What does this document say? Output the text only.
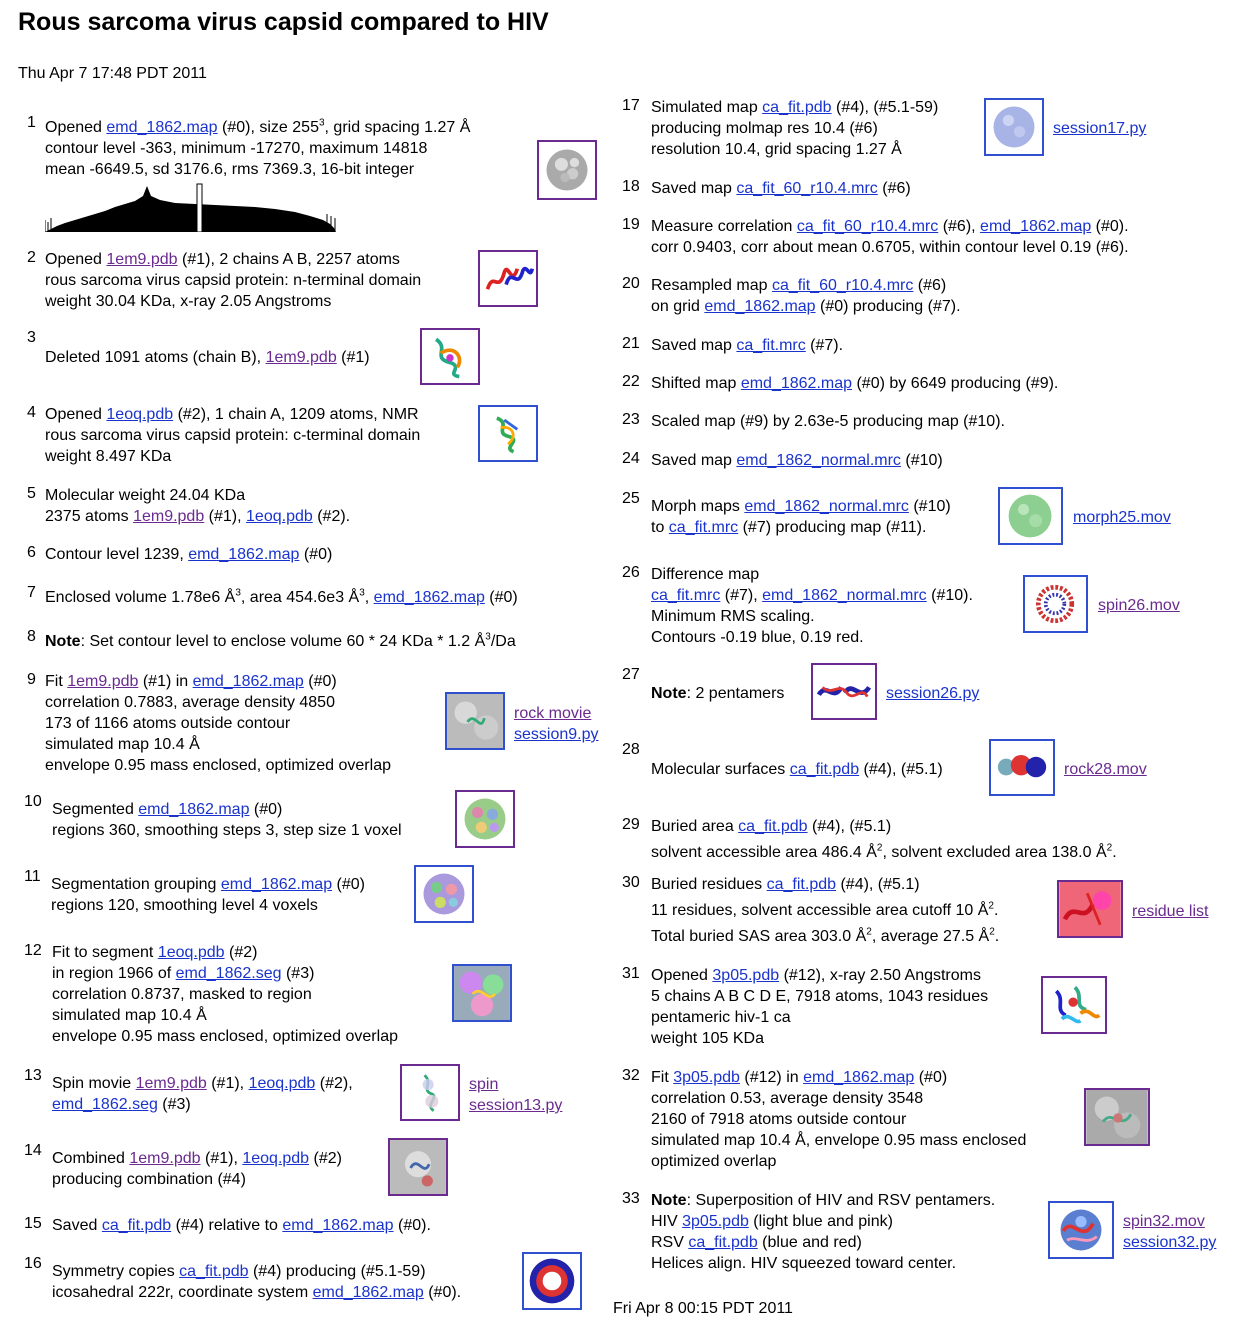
Rous sarcoma virus capsid compared to HIV
Thu Apr 7 17:48 PDT 2011
1 Opened emd_1862.map (#0), size $255^3$, grid spacing 1.27 Å
contour level -363, minimum -17270, maximum 14818
mean -6649.5, sd 3176.6, rms 7369.3, 16-bit integer
2 Opened 1em9.pdb (#1), 2 chains A B, 2257 atoms
rous sarcoma virus capsid protein: n-terminal domain
weight 30.04 KDa, x-ray 2.05 Angstroms
3
Deleted 1091 atoms (chain B), 1em9.pdb (#1)
4 Opened 1eoq.pdb (#2), 1 chain A, 1209 atoms, NMR
rous sarcoma virus capsid protein: c-terminal domain
weight 8.497 KDa
5 Molecular weight 24.04 KDa
2375 atoms 1em9.pdb (#1), 1eoq.pdb (#2).
6 Contour level 1239, emd_1862.map (#0)
7 Enclosed volume 1.78e6 $Å^3$, area 454.6e3 $Å^3$, emd_1862.map (#0)
8 Note: Set contour level to enclose volume 60 * 24 KDa * 1.2 $Å^3/Da$
9 Fit 1em9.pdb (#1) in emd_1862.map (#0)
correlation 0.7883, average density 4850
173 of 1166 atoms outside contour
simulated map 10.4 Å
envelope 0.95 mass enclosed, optimized overlap
rock movie
session9.py
10 Segmented emd_1862.map (#0)
regions 360, smoothing steps 3, step size 1 voxel
11 Segmentation grouping emd_1862.map (#0)
regions 120, smoothing level 4 voxels
12 Fit to segment 1eoq.pdb (#2)
in region 1966 of emd_1862.seg (#3)
correlation 0.8737, masked to region
simulated map 10.4 Å
envelope 0.95 mass enclosed, optimized overlap
13 Spin movie 1em9.pdb (#1), 1eoq.pdb (#2),
emd_1862.seg (#3)
spin
session13.py
14 Combined 1em9.pdb (#1), 1eoq.pdb (#2)
producing combination (#4)
15 Saved ca_fit.pdb (#4) relative to emd_1862.map (#0).
16 Symmetry copies ca_fit.pdb (#4) producing (#5.1-59)
icosahedral 222r, coordinate system emd_1862.map (#0).
17 Simulated map ca_fit.pdb (#4), (#5.1-59)
producing molmap res 10.4 (#6)
resolution 10.4, grid spacing 1.27 Å
session17.py
18 Saved map ca_fit_60_r10.4.mrc (#6)
19 Measure correlation ca_fit_60_r10.4.mrc (#6), emd_1862.map (#0).
corr 0.9403, corr about mean 0.6705, within contour level 0.19 (#6).
20 Resampled map ca_fit_60_r10.4.mrc (#6)
on grid emd_1862.map (#0) producing (#7).
21 Saved map ca_fit.mrc (#7).
22 Shifted map emd_1862.map (#0) by 6649 producing (#9).
23 Scaled map (#9) by 2.63e-5 producing map (#10).
24 Saved map emd_1862_normal.mrc (#10)
25 Morph maps emd_1862_normal.mrc (#10)
to ca_fit.mrc (#7) producing map (#11).
morph25.mov
26 Difference map
ca_fit.mrc (#7), emd_1862_normal.mrc (#10).
Minimum RMS scaling.
Contours -0.19 blue, 0.19 red.
spin26.mov
27
Note: 2 pentamers	session26.py
28
Molecular surfaces ca_fit.pdb (#4), (#5.1)	rock28.mov
29 Buried area ca_fit.pdb (#4), (#5.1)
solvent accessible area 486.4 $Å^2$, solvent excluded area 138.0 $Å^2$.
30 Buried residues ca_fit.pdb (#4), (#5.1)
11 residues, solvent accessible area cutoff 10 $Å^2$.
Total buried SAS area 303.0 $Å^2$, average 27.5 $Å^2$.
residue list
31 Opened 3p05.pdb (#12), x-ray 2.50 Angstroms
5 chains A B C D E, 7918 atoms, 1043 residues
pentameric hiv-1 ca
weight 105 KDa
32 Fit 3p05.pdb (#12) in emd_1862.map (#0)
correlation 0.53, average density 3548
2160 of 7918 atoms outside contour
simulated map 10.4 Å, envelope 0.95 mass enclosed
optimized overlap
33 Note: Superposition of HIV and RSV pentamers.
HIV 3p05.pdb (light blue and pink)
RSV ca_fit.pdb (blue and red)
Helices align. HIV squeezed toward center.
spin32.mov
session32.py
Fri Apr 8 00:15 PDT 2011
